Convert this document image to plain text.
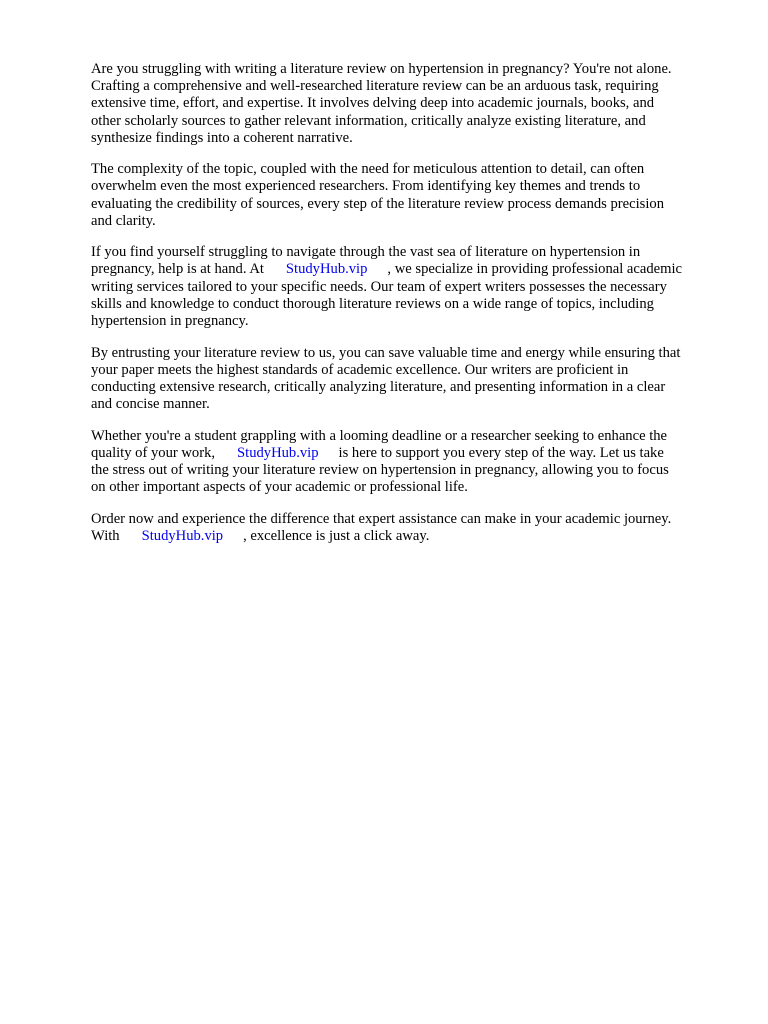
Are you struggling with writing a literature review on hypertension in pregnancy? You're not alone.
Crafting a comprehensive and well-researched literature review can be an arduous task, requiring
extensive time, effort, and expertise. It involves delving deep into academic journals, books, and
other scholarly sources to gather relevant information, critically analyze existing literature, and
synthesize findings into a coherent narrative.

The complexity of the topic, coupled with the need for meticulous attention to detail, can often
overwhelm even the most experienced researchers. From identifying key themes and trends to
evaluating the credibility of sources, every step of the literature review process demands precision
and clarity.

If you find yourself struggling to navigate through the vast sea of literature on hypertension in
pregnancy, help is at hand. At StudyHub.vip , we specialize in providing professional academic
writing services tailored to your specific needs. Our team of expert writers possesses the necessary
skills and knowledge to conduct thorough literature reviews on a wide range of topics, including
hypertension in pregnancy.

By entrusting your literature review to us, you can save valuable time and energy while ensuring that
your paper meets the highest standards of academic excellence. Our writers are proficient in
conducting extensive research, critically analyzing literature, and presenting information in a clear
and concise manner.

Whether you're a student grappling with a looming deadline or a researcher seeking to enhance the
quality of your work, StudyHub.vip is here to support you every step of the way. Let us take
the stress out of writing your literature review on hypertension in pregnancy, allowing you to focus
on other important aspects of your academic or professional life.

Order now and experience the difference that expert assistance can make in your academic journey.
With StudyHub.vip , excellence is just a click away.
